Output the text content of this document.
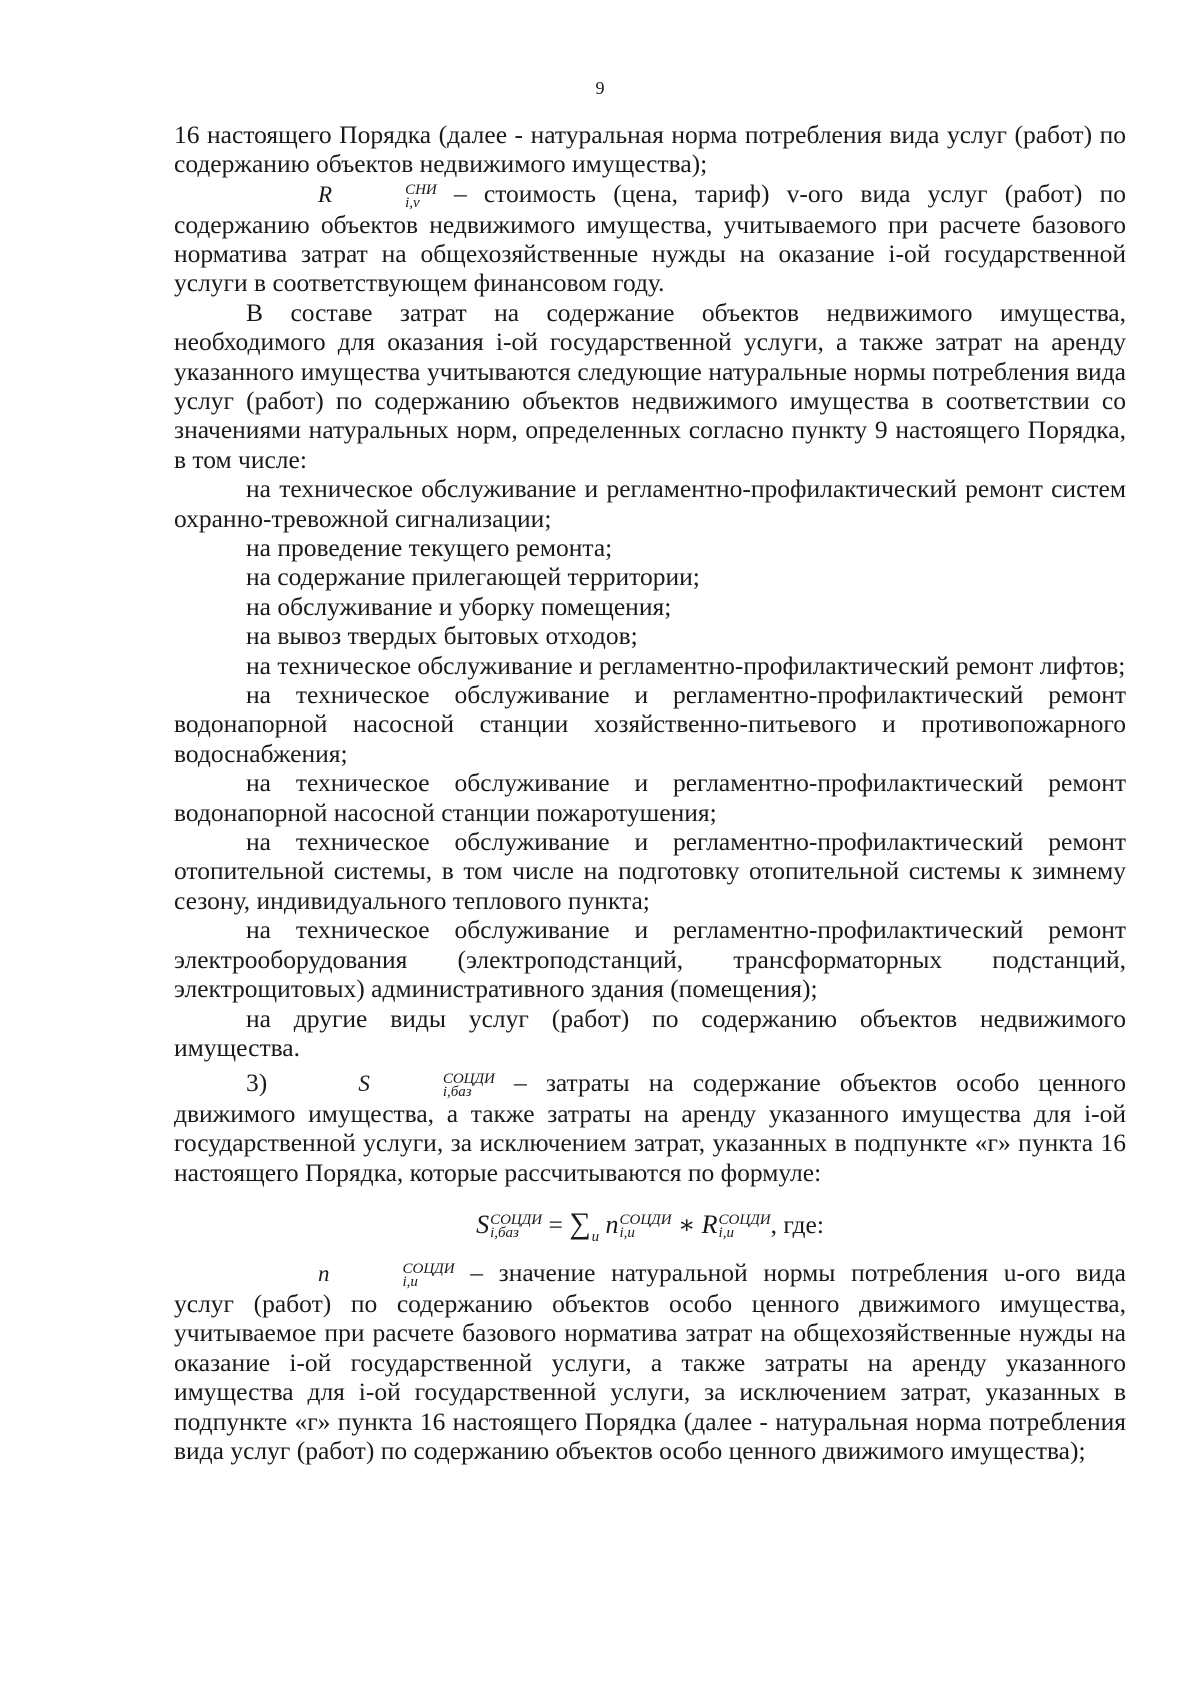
9

16 настоящего Порядка (далее - натуральная норма потребления вида услуг (работ) по содержанию объектов недвижимого имущества);

R	СНИ
i,v	– стоимость (цена, тариф) v-ого вида услуг (работ) по содержанию объектов недвижимого имущества, учитываемого при расчете базового норматива затрат на общехозяйственные нужды на оказание i-ой государственной услуги в соответствующем финансовом году.

В составе затрат на содержание объектов недвижимого имущества, необходимого для оказания i-ой государственной услуги, а также затрат на аренду указанного имущества учитываются следующие натуральные нормы потребления вида услуг (работ) по содержанию объектов недвижимого имущества в соответствии со значениями натуральных норм, определенных согласно пункту 9 настоящего Порядка, в том числе:

на техническое обслуживание и регламентно-профилактический ремонт систем охранно-тревожной сигнализации;

на проведение текущего ремонта;

на содержание прилегающей территории;

на обслуживание и уборку помещения;

на вывоз твердых бытовых отходов;

на техническое обслуживание и регламентно-профилактический ремонт лифтов;

на техническое обслуживание и регламентно-профилактический ремонт водонапорной насосной станции хозяйственно-питьевого и противопожарного водоснабжения;

на техническое обслуживание и регламентно-профилактический ремонт водонапорной насосной станции пожаротушения;

на техническое обслуживание и регламентно-профилактический ремонт отопительной системы, в том числе на подготовку отопительной системы к зимнему сезону, индивидуального теплового пункта;

на техническое обслуживание и регламентно-профилактический ремонт электрооборудования (электроподстанций, трансформаторных подстанций, электрощитовых) административного здания (помещения);

на другие виды услуг (работ) по содержанию объектов недвижимого имущества.

3)	S	СОЦДИ
i,баз	– затраты на содержание объектов особо ценного движимого имущества, а также затраты на аренду указанного имущества для i-ой государственной услуги, за исключением затрат, указанных в подпункте «г» пункта 16 настоящего Порядка, которые рассчитываются по формуле:

S СОЦДИ
i,баз	= ∑ u n СОЦДИ
i,u	∗ R СОЦДИ
i,u	, где:

n	СОЦДИ
i,u	– значение натуральной нормы потребления u-ого вида услуг (работ) по содержанию объектов особо ценного движимого имущества, учитываемое при расчете базового норматива затрат на общехозяйственные нужды на оказание i-ой государственной услуги, а также затраты на аренду указанного имущества для i-ой государственной услуги, за исключением затрат, указанных в подпункте «г» пункта 16 настоящего Порядка (далее - натуральная норма потребления вида услуг (работ) по содержанию объектов особо ценного движимого имущества);
